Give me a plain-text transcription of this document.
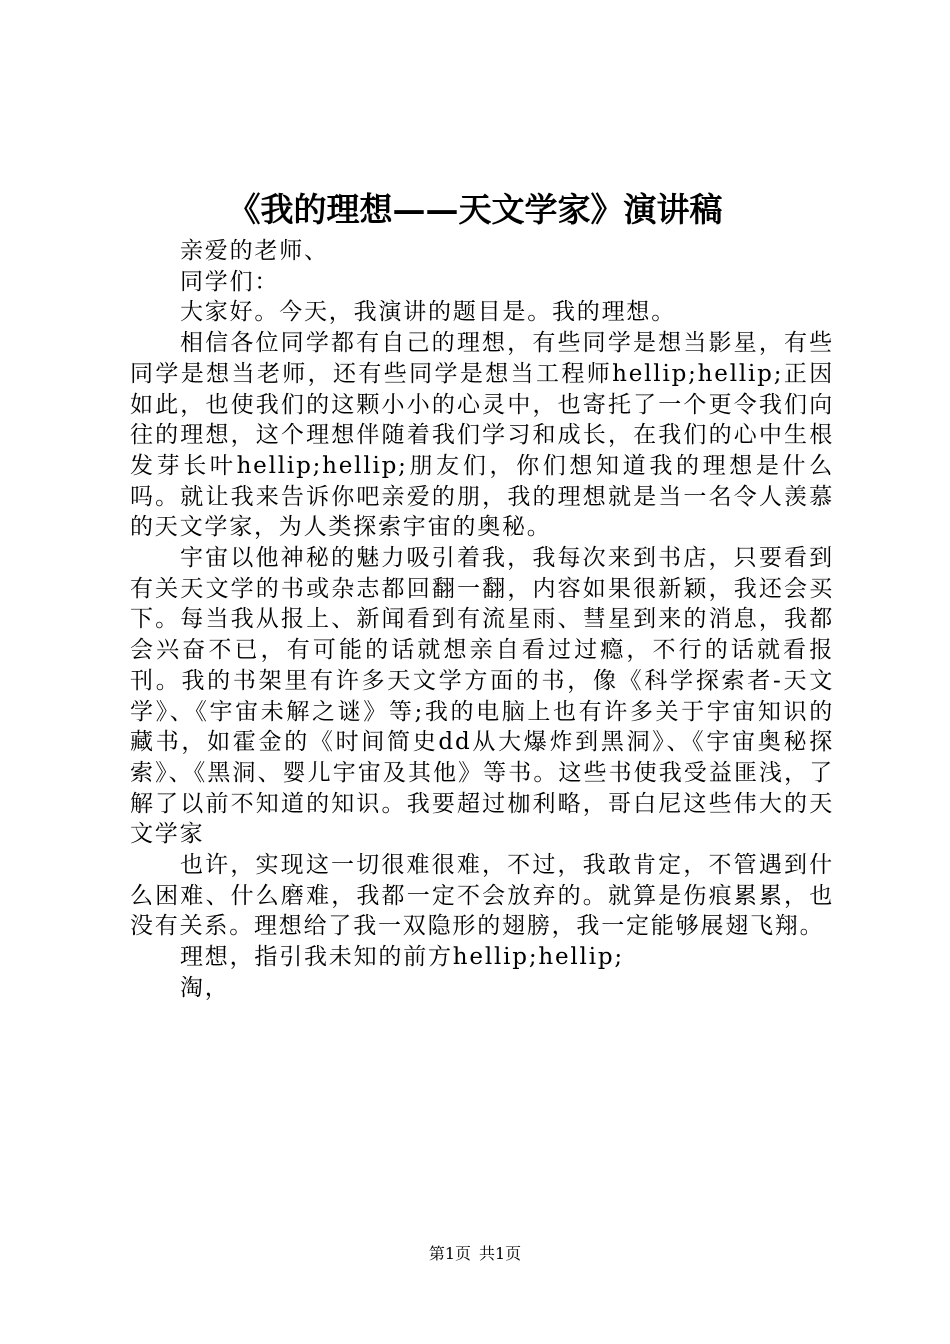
《我的理想——天文学家》演讲稿

亲爱的老师、

同学们：

大家好。今天，我演讲的题目是。我的理想。

相信各位同学都有自己的理想，有些同学是想当影星，有些同学是想当老师，还有些同学是想当工程师hellip;hellip;正因如此，也使我们的这颗小小的心灵中，也寄托了一个更令我们向往的理想，这个理想伴随着我们学习和成长，在我们的心中生根发芽长叶hellip;hellip;朋友们，你们想知道我的理想是什么吗。就让我来告诉你吧亲爱的朋，我的理想就是当一名令人羡慕的天文学家，为人类探索宇宙的奥秘。

宇宙以他神秘的魅力吸引着我，我每次来到书店，只要看到有关天文学的书或杂志都回翻一翻，内容如果很新颖，我还会买下。每当我从报上、新闻看到有流星雨、彗星到来的消息，我都会兴奋不已，有可能的话就想亲自看过过瘾，不行的话就看报刊。我的书架里有许多天文学方面的书，像《科学探索者-天文学》、《宇宙未解之谜》等;我的电脑上也有许多关于宇宙知识的藏书，如霍金的《时间简史dd从大爆炸到黑洞》、《宇宙奥秘探索》、《黑洞、婴儿宇宙及其他》等书。这些书使我受益匪浅，了解了以前不知道的知识。我要超过枷利略，哥白尼这些伟大的天文学家

也许，实现这一切很难很难，不过，我敢肯定，不管遇到什么困难、什么磨难，我都一定不会放弃的。就算是伤痕累累，也没有关系。理想给了我一双隐形的翅膀，我一定能够展翅飞翔。

理想，指引我未知的前方hellip;hellip;

淘，

第1页 共1页
